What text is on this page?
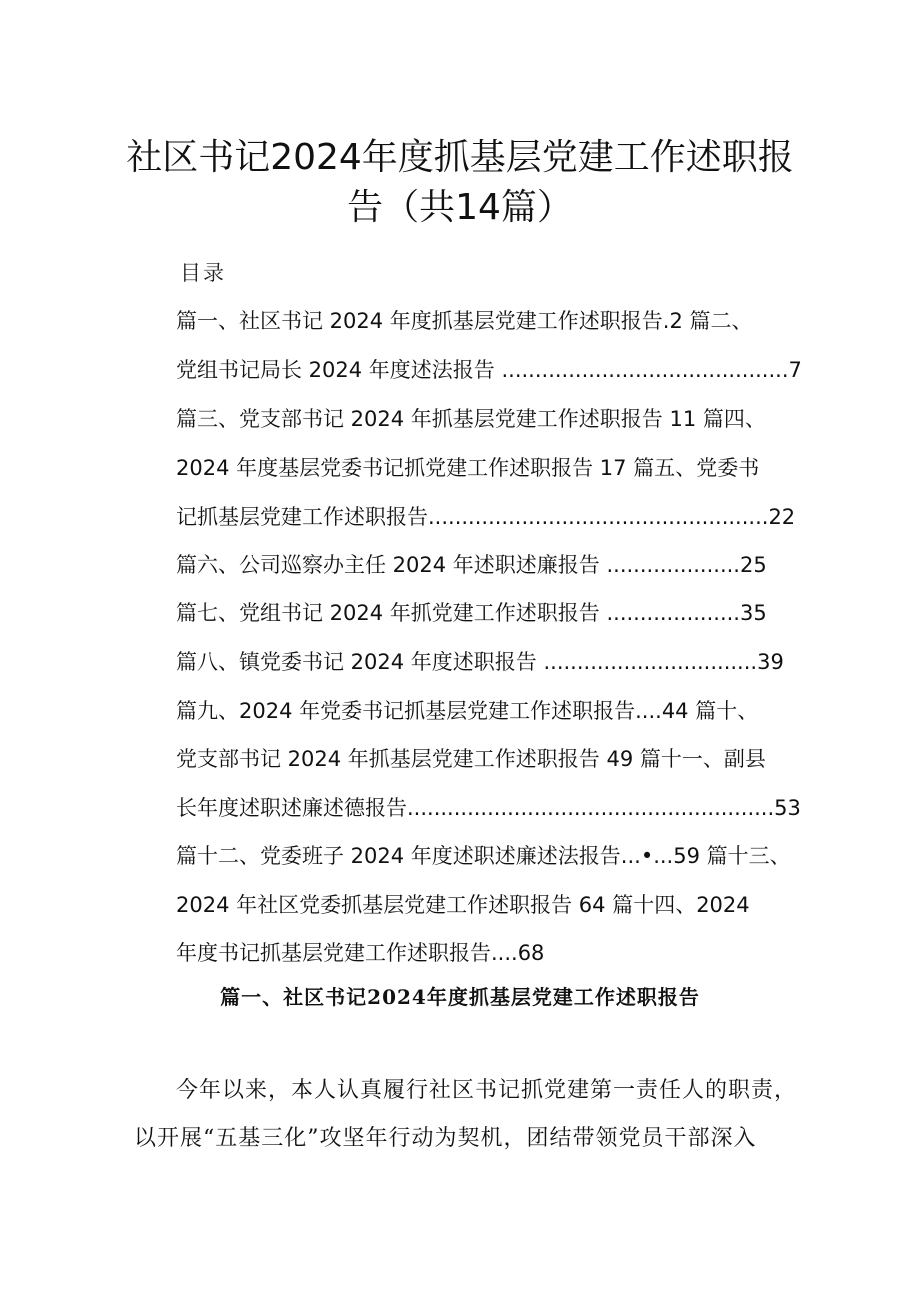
社区书记2024年度抓基层党建工作述职报
告（共14篇）
目录
篇一、社区书记 2024 年度抓基层党建工作述职报告.2 篇二、
党组书记局长 2024 年度述法报告 ...........................................7
篇三、党支部书记 2024 年抓基层党建工作述职报告 11 篇四、
2024 年度基层党委书记抓党建工作述职报告 17 篇五、党委书
记抓基层党建工作述职报告...................................................22
篇六、公司巡察办主任 2024 年述职述廉报告 ....................25
篇七、党组书记 2024 年抓党建工作述职报告 ....................35
篇八、镇党委书记 2024 年度述职报告 ................................39
篇九、2024 年党委书记抓基层党建工作述职报告....44 篇十、
党支部书记 2024 年抓基层党建工作述职报告 49 篇十一、副县
长年度述职述廉述德报告.......................................................53
篇十二、党委班子 2024 年度述职述廉述法报告...•...59 篇十三、
2024 年社区党委抓基层党建工作述职报告 64 篇十四、2024
年度书记抓基层党建工作述职报告....68
篇一、社区书记2024年度抓基层党建工作述职报告
今年以来，本人认真履行社区书记抓党建第一责任人的职责，
以开展“五基三化”攻坚年行动为契机，团结带领党员干部深入
